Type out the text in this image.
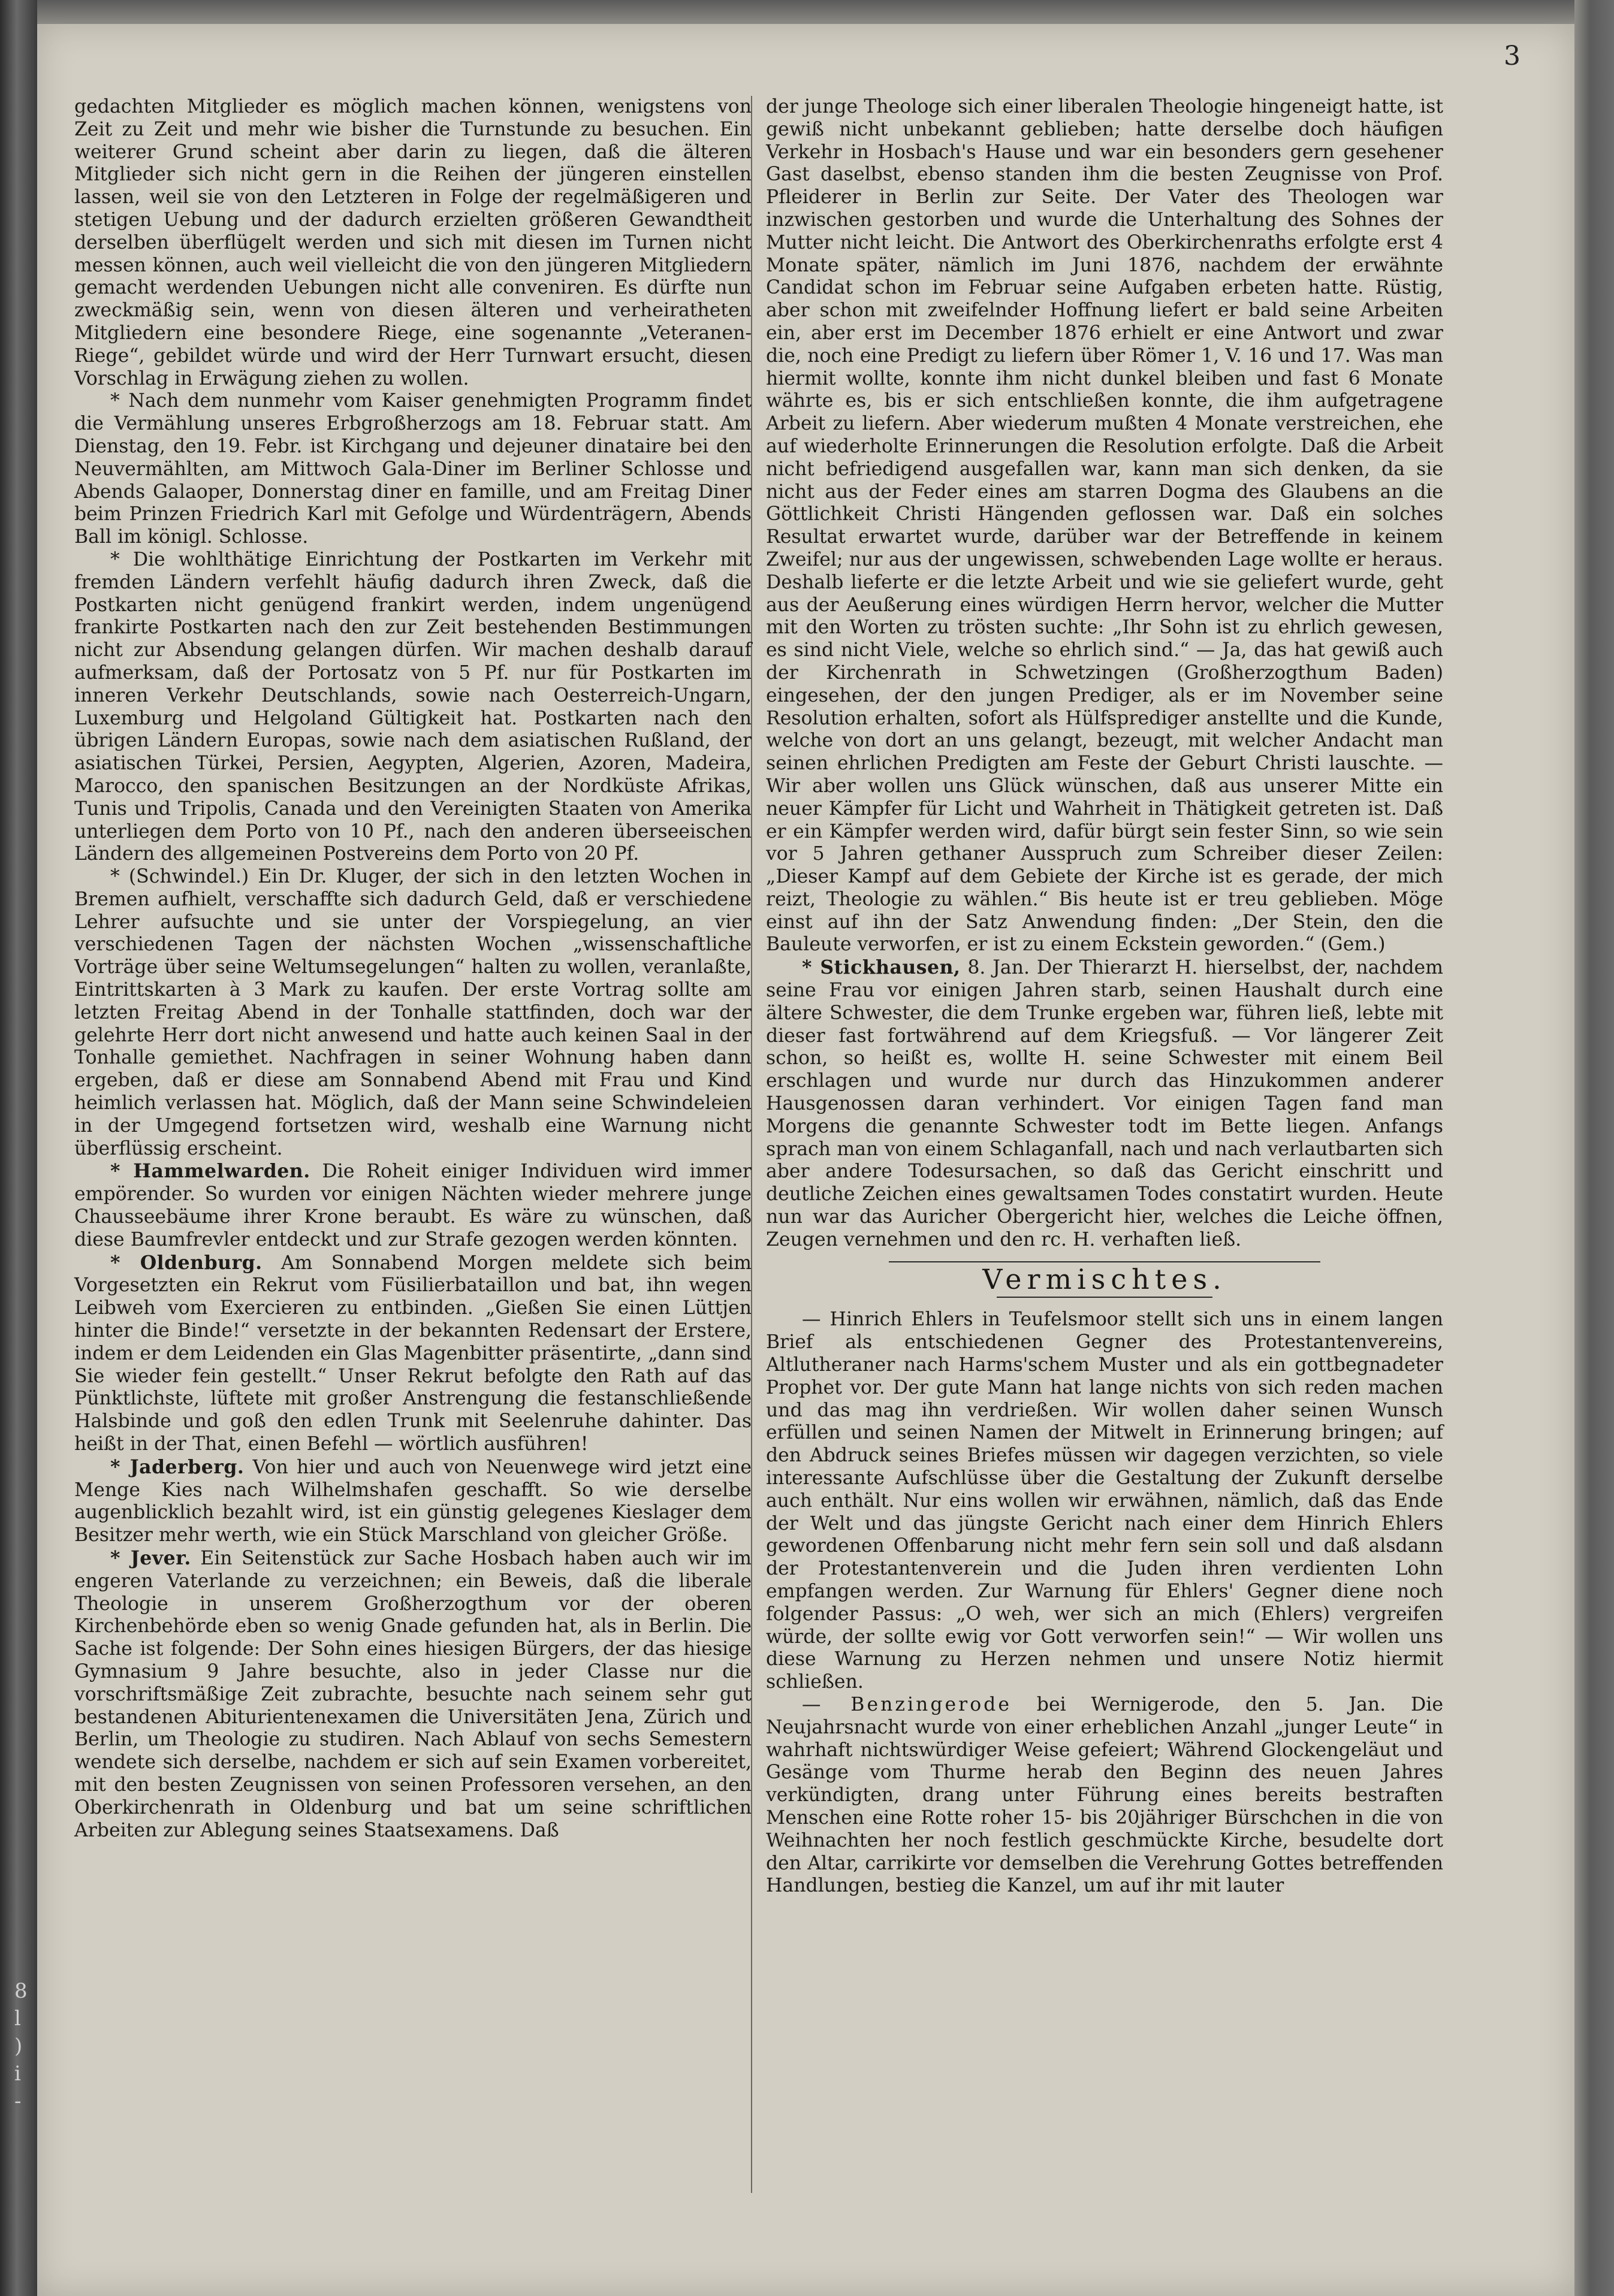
8
l
)
i
-
3

gedachten Mitglieder es möglich machen können, wenigstens von Zeit zu Zeit und mehr wie bisher die Turnstunde zu besuchen. Ein weiterer Grund scheint aber darin zu liegen, daß die älteren Mitglieder sich nicht gern in die Reihen der jüngeren einstellen lassen, weil sie von den Letzteren in Folge der regelmäßigeren und stetigen Uebung und der dadurch erzielten größeren Gewandtheit derselben überflügelt werden und sich mit diesen im Turnen nicht messen können, auch weil vielleicht die von den jüngeren Mitgliedern gemacht werdenden Uebungen nicht alle conveniren. Es dürfte nun zweckmäßig sein, wenn von diesen älteren und verheiratheten Mitgliedern eine besondere Riege, eine sogenannte „Veteranen-Riege“, gebildet würde und wird der Herr Turnwart ersucht, diesen Vorschlag in Erwägung ziehen zu wollen.

* Nach dem nunmehr vom Kaiser genehmigten Programm findet die Vermählung unseres Erbgroßherzogs am 18. Februar statt. Am Dienstag, den 19. Febr. ist Kirchgang und dejeuner dinataire bei den Neuvermählten, am Mittwoch Gala-Diner im Berliner Schlosse und Abends Galaoper, Donnerstag diner en famille, und am Freitag Diner beim Prinzen Friedrich Karl mit Gefolge und Würdenträgern, Abends Ball im königl. Schlosse.

* Die wohlthätige Einrichtung der Postkarten im Verkehr mit fremden Ländern verfehlt häufig dadurch ihren Zweck, daß die Postkarten nicht genügend frankirt werden, indem ungenügend frankirte Postkarten nach den zur Zeit bestehenden Bestimmungen nicht zur Absendung gelangen dürfen. Wir machen deshalb darauf aufmerksam, daß der Portosatz von 5 Pf. nur für Postkarten im inneren Verkehr Deutschlands, sowie nach Oesterreich-Ungarn, Luxemburg und Helgoland Gültigkeit hat. Postkarten nach den übrigen Ländern Europas, sowie nach dem asiatischen Rußland, der asiatischen Türkei, Persien, Aegypten, Algerien, Azoren, Madeira, Marocco, den spanischen Besitzungen an der Nordküste Afrikas, Tunis und Tripolis, Canada und den Vereinigten Staaten von Amerika unterliegen dem Porto von 10 Pf., nach den anderen überseeischen Ländern des allgemeinen Postvereins dem Porto von 20 Pf.

* (Schwindel.) Ein Dr. Kluger, der sich in den letzten Wochen in Bremen aufhielt, verschaffte sich dadurch Geld, daß er verschiedene Lehrer aufsuchte und sie unter der Vorspiegelung, an vier verschiedenen Tagen der nächsten Wochen „wissenschaftliche Vorträge über seine Weltumsegelungen“ halten zu wollen, veranlaßte, Eintrittskarten à 3 Mark zu kaufen. Der erste Vortrag sollte am letzten Freitag Abend in der Tonhalle stattfinden, doch war der gelehrte Herr dort nicht anwesend und hatte auch keinen Saal in der Tonhalle gemiethet. Nachfragen in seiner Wohnung haben dann ergeben, daß er diese am Sonnabend Abend mit Frau und Kind heimlich verlassen hat. Möglich, daß der Mann seine Schwindeleien in der Umgegend fortsetzen wird, weshalb eine Warnung nicht überflüssig erscheint.

* Hammelwarden. Die Roheit einiger Individuen wird immer empörender. So wurden vor einigen Nächten wieder mehrere junge Chausseebäume ihrer Krone beraubt. Es wäre zu wünschen, daß diese Baumfrevler entdeckt und zur Strafe gezogen werden könnten.

* Oldenburg. Am Sonnabend Morgen meldete sich beim Vorgesetzten ein Rekrut vom Füsilierbataillon und bat, ihn wegen Leibweh vom Exercieren zu entbinden. „Gießen Sie einen Lüttjen hinter die Binde!“ versetzte in der bekannten Redensart der Erstere, indem er dem Leidenden ein Glas Magenbitter präsentirte, „dann sind Sie wieder fein gestellt.“ Unser Rekrut befolgte den Rath auf das Pünktlichste, lüftete mit großer Anstrengung die festanschließende Halsbinde und goß den edlen Trunk mit Seelenruhe dahinter. Das heißt in der That, einen Befehl — wörtlich ausführen!

* Jaderberg. Von hier und auch von Neuenwege wird jetzt eine Menge Kies nach Wilhelmshafen geschafft. So wie derselbe augenblicklich bezahlt wird, ist ein günstig gelegenes Kieslager dem Besitzer mehr werth, wie ein Stück Marschland von gleicher Größe.

* Jever. Ein Seitenstück zur Sache Hosbach haben auch wir im engeren Vaterlande zu verzeichnen; ein Beweis, daß die liberale Theologie in unserem Großherzogthum vor der oberen Kirchenbehörde eben so wenig Gnade gefunden hat, als in Berlin. Die Sache ist folgende: Der Sohn eines hiesigen Bürgers, der das hiesige Gymnasium 9 Jahre besuchte, also in jeder Classe nur die vorschriftsmäßige Zeit zubrachte, besuchte nach seinem sehr gut bestandenen Abiturientenexamen die Universitäten Jena, Zürich und Berlin, um Theologie zu studiren. Nach Ablauf von sechs Semestern wendete sich derselbe, nachdem er sich auf sein Examen vorbereitet, mit den besten Zeugnissen von seinen Professoren versehen, an den Oberkirchenrath in Oldenburg und bat um seine schriftlichen Arbeiten zur Ablegung seines Staatsexamens. Daß

der junge Theologe sich einer liberalen Theologie hingeneigt hatte, ist gewiß nicht unbekannt geblieben; hatte derselbe doch häufigen Verkehr in Hosbach's Hause und war ein besonders gern gesehener Gast daselbst, ebenso standen ihm die besten Zeugnisse von Prof. Pfleiderer in Berlin zur Seite. Der Vater des Theologen war inzwischen gestorben und wurde die Unterhaltung des Sohnes der Mutter nicht leicht. Die Antwort des Oberkirchenraths erfolgte erst 4 Monate später, nämlich im Juni 1876, nachdem der erwähnte Candidat schon im Februar seine Aufgaben erbeten hatte. Rüstig, aber schon mit zweifelnder Hoffnung liefert er bald seine Arbeiten ein, aber erst im December 1876 erhielt er eine Antwort und zwar die, noch eine Predigt zu liefern über Römer 1, V. 16 und 17. Was man hiermit wollte, konnte ihm nicht dunkel bleiben und fast 6 Monate währte es, bis er sich entschließen konnte, die ihm aufgetragene Arbeit zu liefern. Aber wiederum mußten 4 Monate verstreichen, ehe auf wiederholte Erinnerungen die Resolution erfolgte. Daß die Arbeit nicht befriedigend ausgefallen war, kann man sich denken, da sie nicht aus der Feder eines am starren Dogma des Glaubens an die Göttlichkeit Christi Hängenden geflossen war. Daß ein solches Resultat erwartet wurde, darüber war der Betreffende in keinem Zweifel; nur aus der ungewissen, schwebenden Lage wollte er heraus. Deshalb lieferte er die letzte Arbeit und wie sie geliefert wurde, geht aus der Aeußerung eines würdigen Herrn hervor, welcher die Mutter mit den Worten zu trösten suchte: „Ihr Sohn ist zu ehrlich gewesen, es sind nicht Viele, welche so ehrlich sind.“ — Ja, das hat gewiß auch der Kirchenrath in Schwetzingen (Großherzogthum Baden) eingesehen, der den jungen Prediger, als er im November seine Resolution erhalten, sofort als Hülfsprediger anstellte und die Kunde, welche von dort an uns gelangt, bezeugt, mit welcher Andacht man seinen ehrlichen Predigten am Feste der Geburt Christi lauschte. — Wir aber wollen uns Glück wünschen, daß aus unserer Mitte ein neuer Kämpfer für Licht und Wahrheit in Thätigkeit getreten ist. Daß er ein Kämpfer werden wird, dafür bürgt sein fester Sinn, so wie sein vor 5 Jahren gethaner Ausspruch zum Schreiber dieser Zeilen: „Dieser Kampf auf dem Gebiete der Kirche ist es gerade, der mich reizt, Theologie zu wählen.“ Bis heute ist er treu geblieben. Möge einst auf ihn der Satz Anwendung finden: „Der Stein, den die Bauleute verworfen, er ist zu einem Eckstein geworden.“ (Gem.)

* Stickhausen, 8. Jan. Der Thierarzt H. hierselbst, der, nachdem seine Frau vor einigen Jahren starb, seinen Haushalt durch eine ältere Schwester, die dem Trunke ergeben war, führen ließ, lebte mit dieser fast fortwährend auf dem Kriegsfuß. — Vor längerer Zeit schon, so heißt es, wollte H. seine Schwester mit einem Beil erschlagen und wurde nur durch das Hinzukommen anderer Hausgenossen daran verhindert. Vor einigen Tagen fand man Morgens die genannte Schwester todt im Bette liegen. Anfangs sprach man von einem Schlaganfall, nach und nach verlautbarten sich aber andere Todesursachen, so daß das Gericht einschritt und deutliche Zeichen eines gewaltsamen Todes constatirt wurden. Heute nun war das Auricher Obergericht hier, welches die Leiche öffnen, Zeugen vernehmen und den rc. H. verhaften ließ.

Vermischtes.

— Hinrich Ehlers in Teufelsmoor stellt sich uns in einem langen Brief als entschiedenen Gegner des Protestantenvereins, Altlutheraner nach Harms'schem Muster und als ein gottbegnadeter Prophet vor. Der gute Mann hat lange nichts von sich reden machen und das mag ihn verdrießen. Wir wollen daher seinen Wunsch erfüllen und seinen Namen der Mitwelt in Erinnerung bringen; auf den Abdruck seines Briefes müssen wir dagegen verzichten, so viele interessante Aufschlüsse über die Gestaltung der Zukunft derselbe auch enthält. Nur eins wollen wir erwähnen, nämlich, daß das Ende der Welt und das jüngste Gericht nach einer dem Hinrich Ehlers gewordenen Offenbarung nicht mehr fern sein soll und daß alsdann der Protestantenverein und die Juden ihren verdienten Lohn empfangen werden. Zur Warnung für Ehlers' Gegner diene noch folgender Passus: „O weh, wer sich an mich (Ehlers) vergreifen würde, der sollte ewig vor Gott verworfen sein!“ — Wir wollen uns diese Warnung zu Herzen nehmen und unsere Notiz hiermit schließen.

— Benzingerode bei Wernigerode, den 5. Jan. Die Neujahrsnacht wurde von einer erheblichen Anzahl „junger Leute“ in wahrhaft nichtswürdiger Weise gefeiert; Während Glockengeläut und Gesänge vom Thurme herab den Beginn des neuen Jahres verkündigten, drang unter Führung eines bereits bestraften Menschen eine Rotte roher 15- bis 20jähriger Bürschchen in die von Weihnachten her noch festlich geschmückte Kirche, besudelte dort den Altar, carrikirte vor demselben die Verehrung Gottes betreffenden Handlungen, bestieg die Kanzel, um auf ihr mit lauter
